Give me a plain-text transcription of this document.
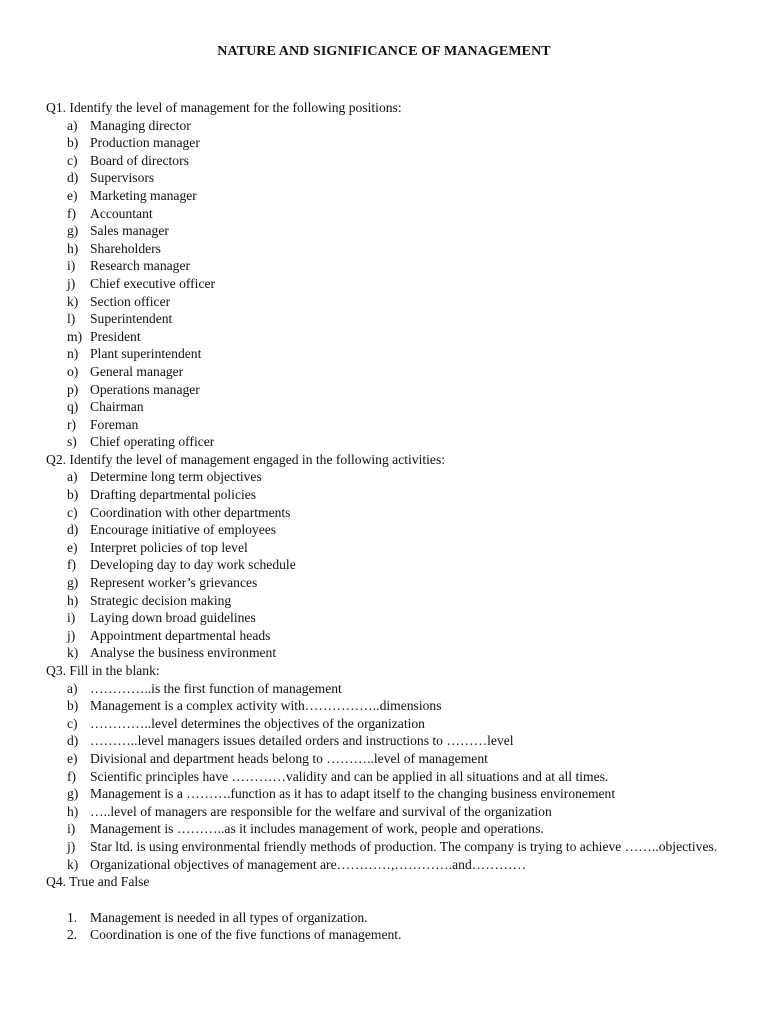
NATURE AND SIGNIFICANCE OF MANAGEMENT
Q1. Identify the level of management for the following positions:
a) Managing director
b) Production manager
c) Board of directors
d) Supervisors
e) Marketing manager
f)	Accountant
g) Sales manager
h) Shareholders
i)	Research manager
j)	Chief executive officer
k) Section officer
l)	Superintendent
m) President
n) Plant superintendent
o) General manager
p) Operations manager
q) Chairman
r)	Foreman
s) Chief operating officer
Q2. Identify the level of management engaged in the following activities:
a) Determine long term objectives
b) Drafting departmental policies
c) Coordination with other departments
d) Encourage initiative of employees
e) Interpret policies of top level
f)	Developing day to day work schedule
g) Represent worker’s grievances
h) Strategic decision making
i)	Laying down broad guidelines
j)	Appointment departmental heads
k) Analyse the business environment
Q3. Fill in the blank:
a) …………..is the first function of management
b) Management is a complex activity with……………..dimensions
c) …………..level determines the objectives of the organization
d) ………..level managers issues detailed orders and instructions to ………level
e) Divisional and department heads belong to ………..level of management
f)	Scientific principles have …………validity and can be applied in all situations and at all times.
g) Management is a ……….function as it has to adapt itself to the changing business environement
h) …..level of managers are responsible for the welfare and survival of the organization
i)	Management is ………..as it includes management of work, people and operations.
j)	Star ltd. is using environmental friendly methods of production. The company is trying to achieve ……..objectives.
k) Organizational objectives of management are…………,………….and…………
Q4. True and False
1. Management is needed in all types of organization.
2. Coordination is one of the five functions of management.
